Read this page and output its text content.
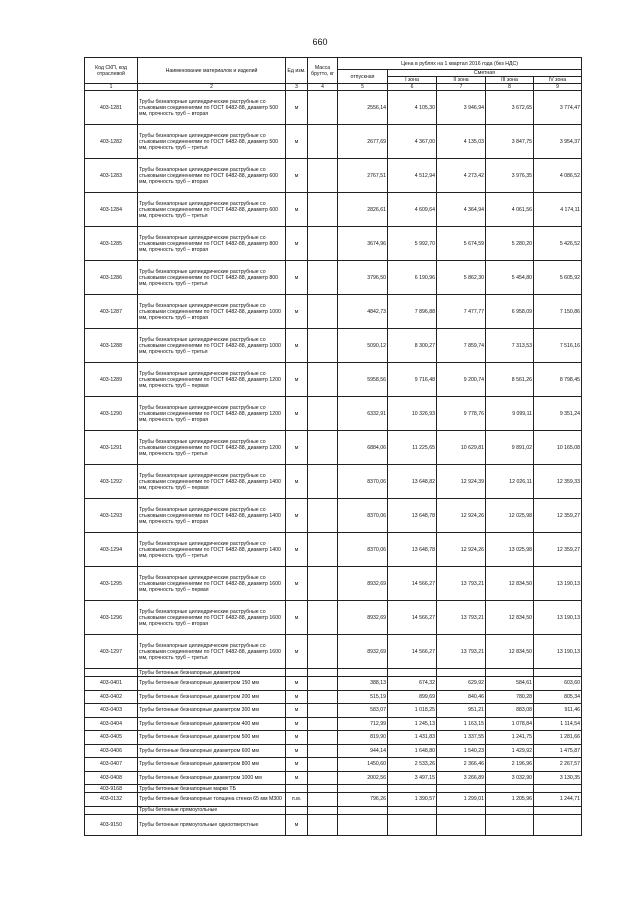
660
Код СКП, код отраслевой	Наименование материалов и изделий	Ед изм.	Масса брутто, кг	Цена в рублях на 1 квартал 2016 года (без НДС)				
				отпускная	Сметная			
					I зона	II зона	III зона	IV зона
1	2	3	4	5	6	7	8	9
403-1281	Трубы безнапорные цилиндрические раструбные со стыковыми соединениями по ГОСТ 6482-88, диаметр 500 мм, прочность труб – вторая	м		2556,14	4 105,30	3 946,94	3 672,65	3 774,47
403-1282	Трубы безнапорные цилиндрические раструбные со стыковыми соединениями по ГОСТ 6482-88, диаметр 500 мм, прочность труб – третья	м		2677,69	4 367,00	4 135,03	3 847,75	3 954,37
403-1283	Трубы безнапорные цилиндрические раструбные со стыковыми соединениями по ГОСТ 6482-88, диаметр 600 мм, прочность труб – вторая	м		2767,51	4 512,94	4 273,42	3 976,35	4 086,52
403-1284	Трубы безнапорные цилиндрические раструбные со стыковыми соединениями по ГОСТ 6482-88, диаметр 600 мм, прочность труб – третья	м		2826,61	4 609,64	4 364,94	4 061,56	4 174,11
403-1285	Трубы безнапорные цилиндрические раструбные со стыковыми соединениями по ГОСТ 6482-88, диаметр 800 мм, прочность труб – вторая	м		3674,96	5 992,70	5 674,59	5 280,20	5 426,52
403-1286	Трубы безнапорные цилиндрические раструбные со стыковыми соединениями по ГОСТ 6482-88, диаметр 800 мм, прочность труб – третья	м		3796,50	6 190,96	5 862,30	5 454,80	5 605,92
403-1287	Трубы безнапорные цилиндрические раструбные со стыковыми соединениями по ГОСТ 6482-88, диаметр 1000 мм, прочность труб – вторая	м		4842,73	7 896,88	7 477,77	6 958,09	7 150,86
403-1288	Трубы безнапорные цилиндрические раструбные со стыковыми соединениями по ГОСТ 6482-88, диаметр 1000 мм, прочность труб – третья	м		5090,12	8 300,27	7 859,74	7 313,53	7 516,16
403-1289	Трубы безнапорные цилиндрические раструбные со стыковыми соединениями по ГОСТ 6482-88, диаметр 1200 мм, прочность труб – первая	м		5958,56	9 716,48	9 200,74	8 561,26	8 798,45
403-1290	Трубы безнапорные цилиндрические раструбные со стыковыми соединениями по ГОСТ 6482-88, диаметр 1200 мм, прочность труб – вторая	м		6332,91	10 326,93	9 778,76	9 099,11	9 351,24
403-1291	Трубы безнапорные цилиндрические раструбные со стыковыми соединениями по ГОСТ 6482-88, диаметр 1200 мм, прочность труб – третья	м		6884,06	11 225,65	10 629,81	9 891,02	10 165,08
403-1292	Трубы безнапорные цилиндрические раструбные со стыковыми соединениями по ГОСТ 6482-88, диаметр 1400 мм, прочность труб – первая	м		8370,06	13 648,82	12 924,39	12 026,11	12 359,33
403-1293	Трубы безнапорные цилиндрические раструбные со стыковыми соединениями по ГОСТ 6482-88, диаметр 1400 мм, прочность труб – вторая	м		8370,06	13 648,78	12 924,26	12 025,98	12 359,27
403-1294	Трубы безнапорные цилиндрические раструбные со стыковыми соединениями по ГОСТ 6482-88, диаметр 1400 мм, прочность труб – третья	м		8370,06	13 648,78	12 924,26	13 025,98	12 359,27
403-1295	Трубы безнапорные цилиндрические раструбные со стыковыми соединениями по ГОСТ 6482-88, диаметр 1600 мм, прочность труб – первая	м		8932,69	14 566,27	13 793,21	12 834,50	13 190,13
403-1296	Трубы безнапорные цилиндрические раструбные со стыковыми соединениями по ГОСТ 6482-88, диаметр 1600 мм, прочность труб – вторая	м		8932,69	14 566,27	13 793,21	12 834,50	13 190,13
403-1297	Трубы безнапорные цилиндрические раструбные со стыковыми соединениями по ГОСТ 6482-88, диаметр 1600 мм, прочность труб – третья	м		8932,69	14 566,27	13 793,21	12 834,50	13 190,13
	Трубы бетонные безнапорные диаметром							
403-0401	Трубы бетонные безнапорные диаметром 150 мм	м		388,13	674,32	629,92	584,61	603,60
403-0402	Трубы бетонные безнапорные диаметром 200 мм	м		515,19	899,69	840,46	780,28	805,34
403-0403	Трубы бетонные безнапорные диаметром 300 мм	м		583,07	1 018,25	951,21	883,08	911,46
403-0404	Трубы бетонные безнапорные диаметром 400 мм	м		712,99	1 245,13	1 163,15	1 078,84	1 114,54
403-0405	Трубы бетонные безнапорные диаметром 500 мм	м		819,90	1 431,83	1 337,55	1 241,75	1 281,66
403-0406	Трубы бетонные безнапорные диаметром 600 мм	м		944,14	1 648,80	1 540,23	1 429,92	1 475,87
403-0407	Трубы бетонные безнапорные диаметром 800 мм	м		1450,60	2 533,26	2 366,46	2 196,96	2 267,57
403-0408	Трубы бетонные безнапорные диаметром 1000 мм	м		2002,56	3 497,15	3 266,89	3 032,90	3 130,35
403-9168	Трубы бетонные безнапорные марки ТБ							
403-0132	Трубы бетонные безнапорные толщина стенки 65 мм М300	п.м.		796,26	1 390,57	1 299,01	1 205,96	1 244,71
	Трубы бетонные прямоугольные							
403-9150	Трубы бетонные прямоугольные одноотверстные	м						
